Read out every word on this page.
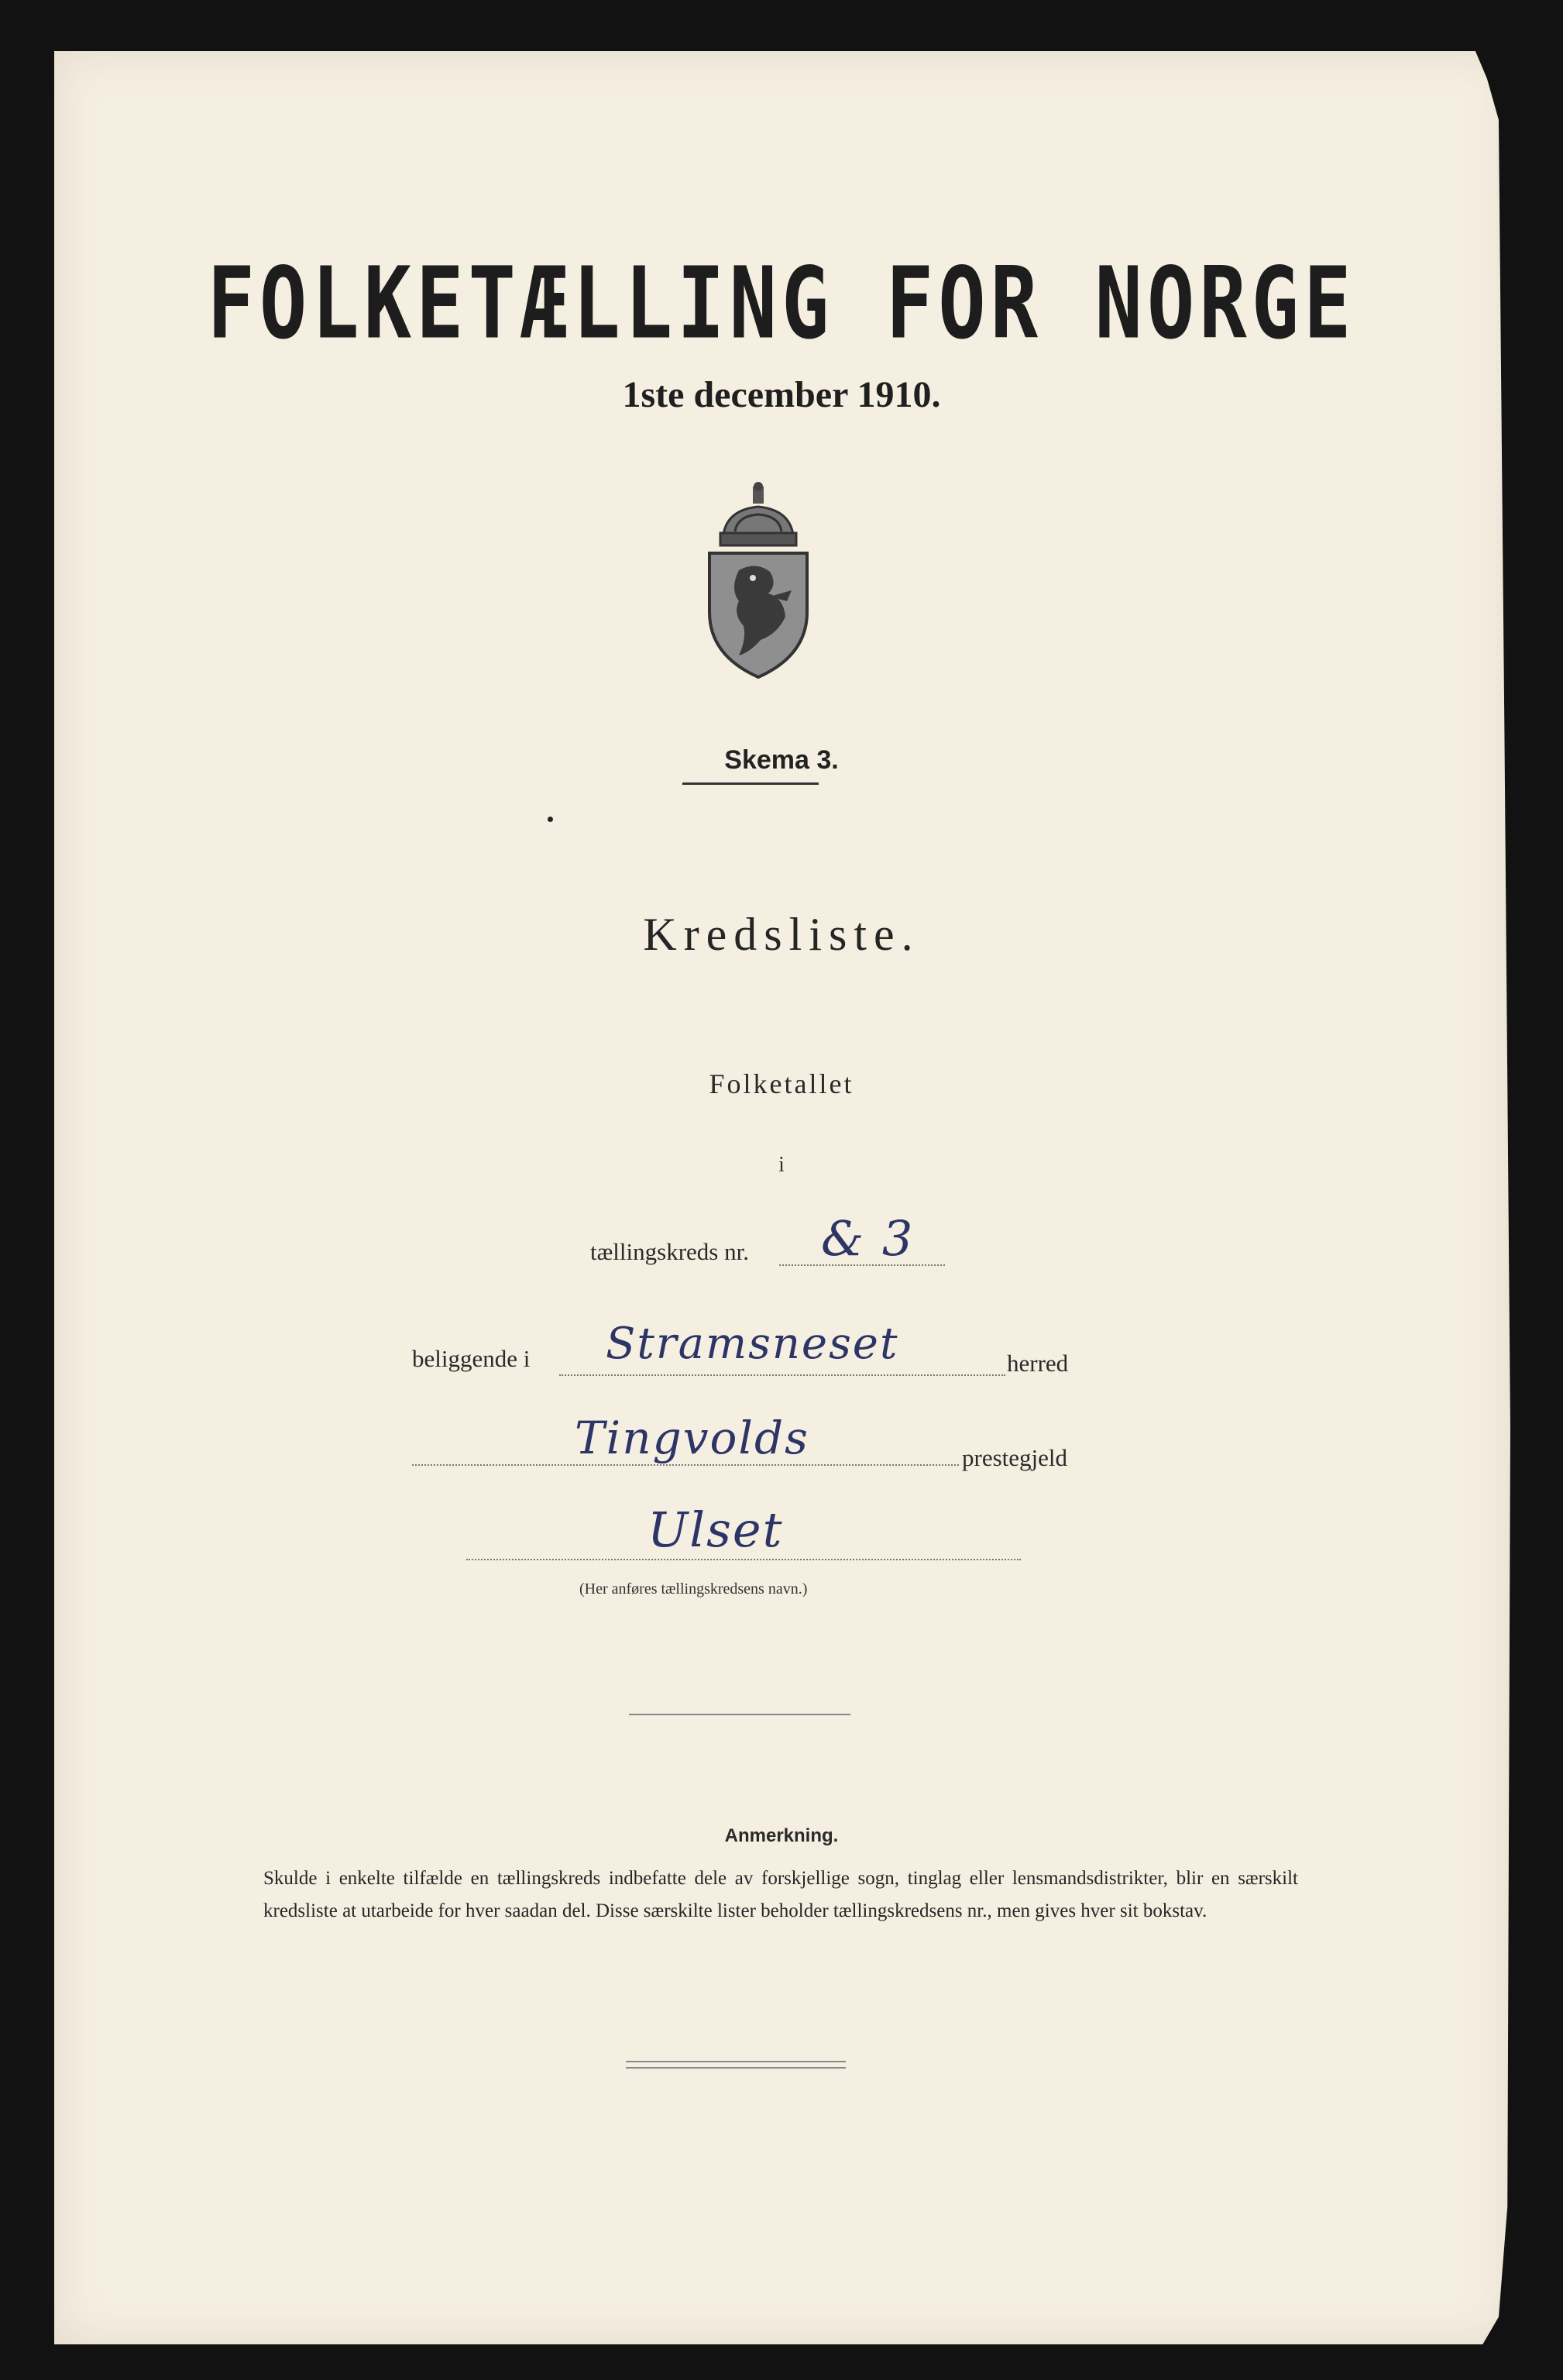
FOLKETÆLLING FOR NORGE
1ste december 1910.
Skema 3.
Kredsliste.
Folketallet
i
tællingskreds nr. & 3
beliggende i Stramsneset	herred
Tingvolds	prestegjeld
Ulset
(Her anføres tællingskredsens navn.)
Anmerkning.
Skulde i enkelte tilfælde en tællingskreds indbefatte dele av forskjellige sogn, tinglag eller lensmandsdistrikter, blir en særskilt kredsliste at utarbeide for hver saadan del. Disse særskilte lister beholder tællingskredsens nr., men gives hver sit bokstav.
